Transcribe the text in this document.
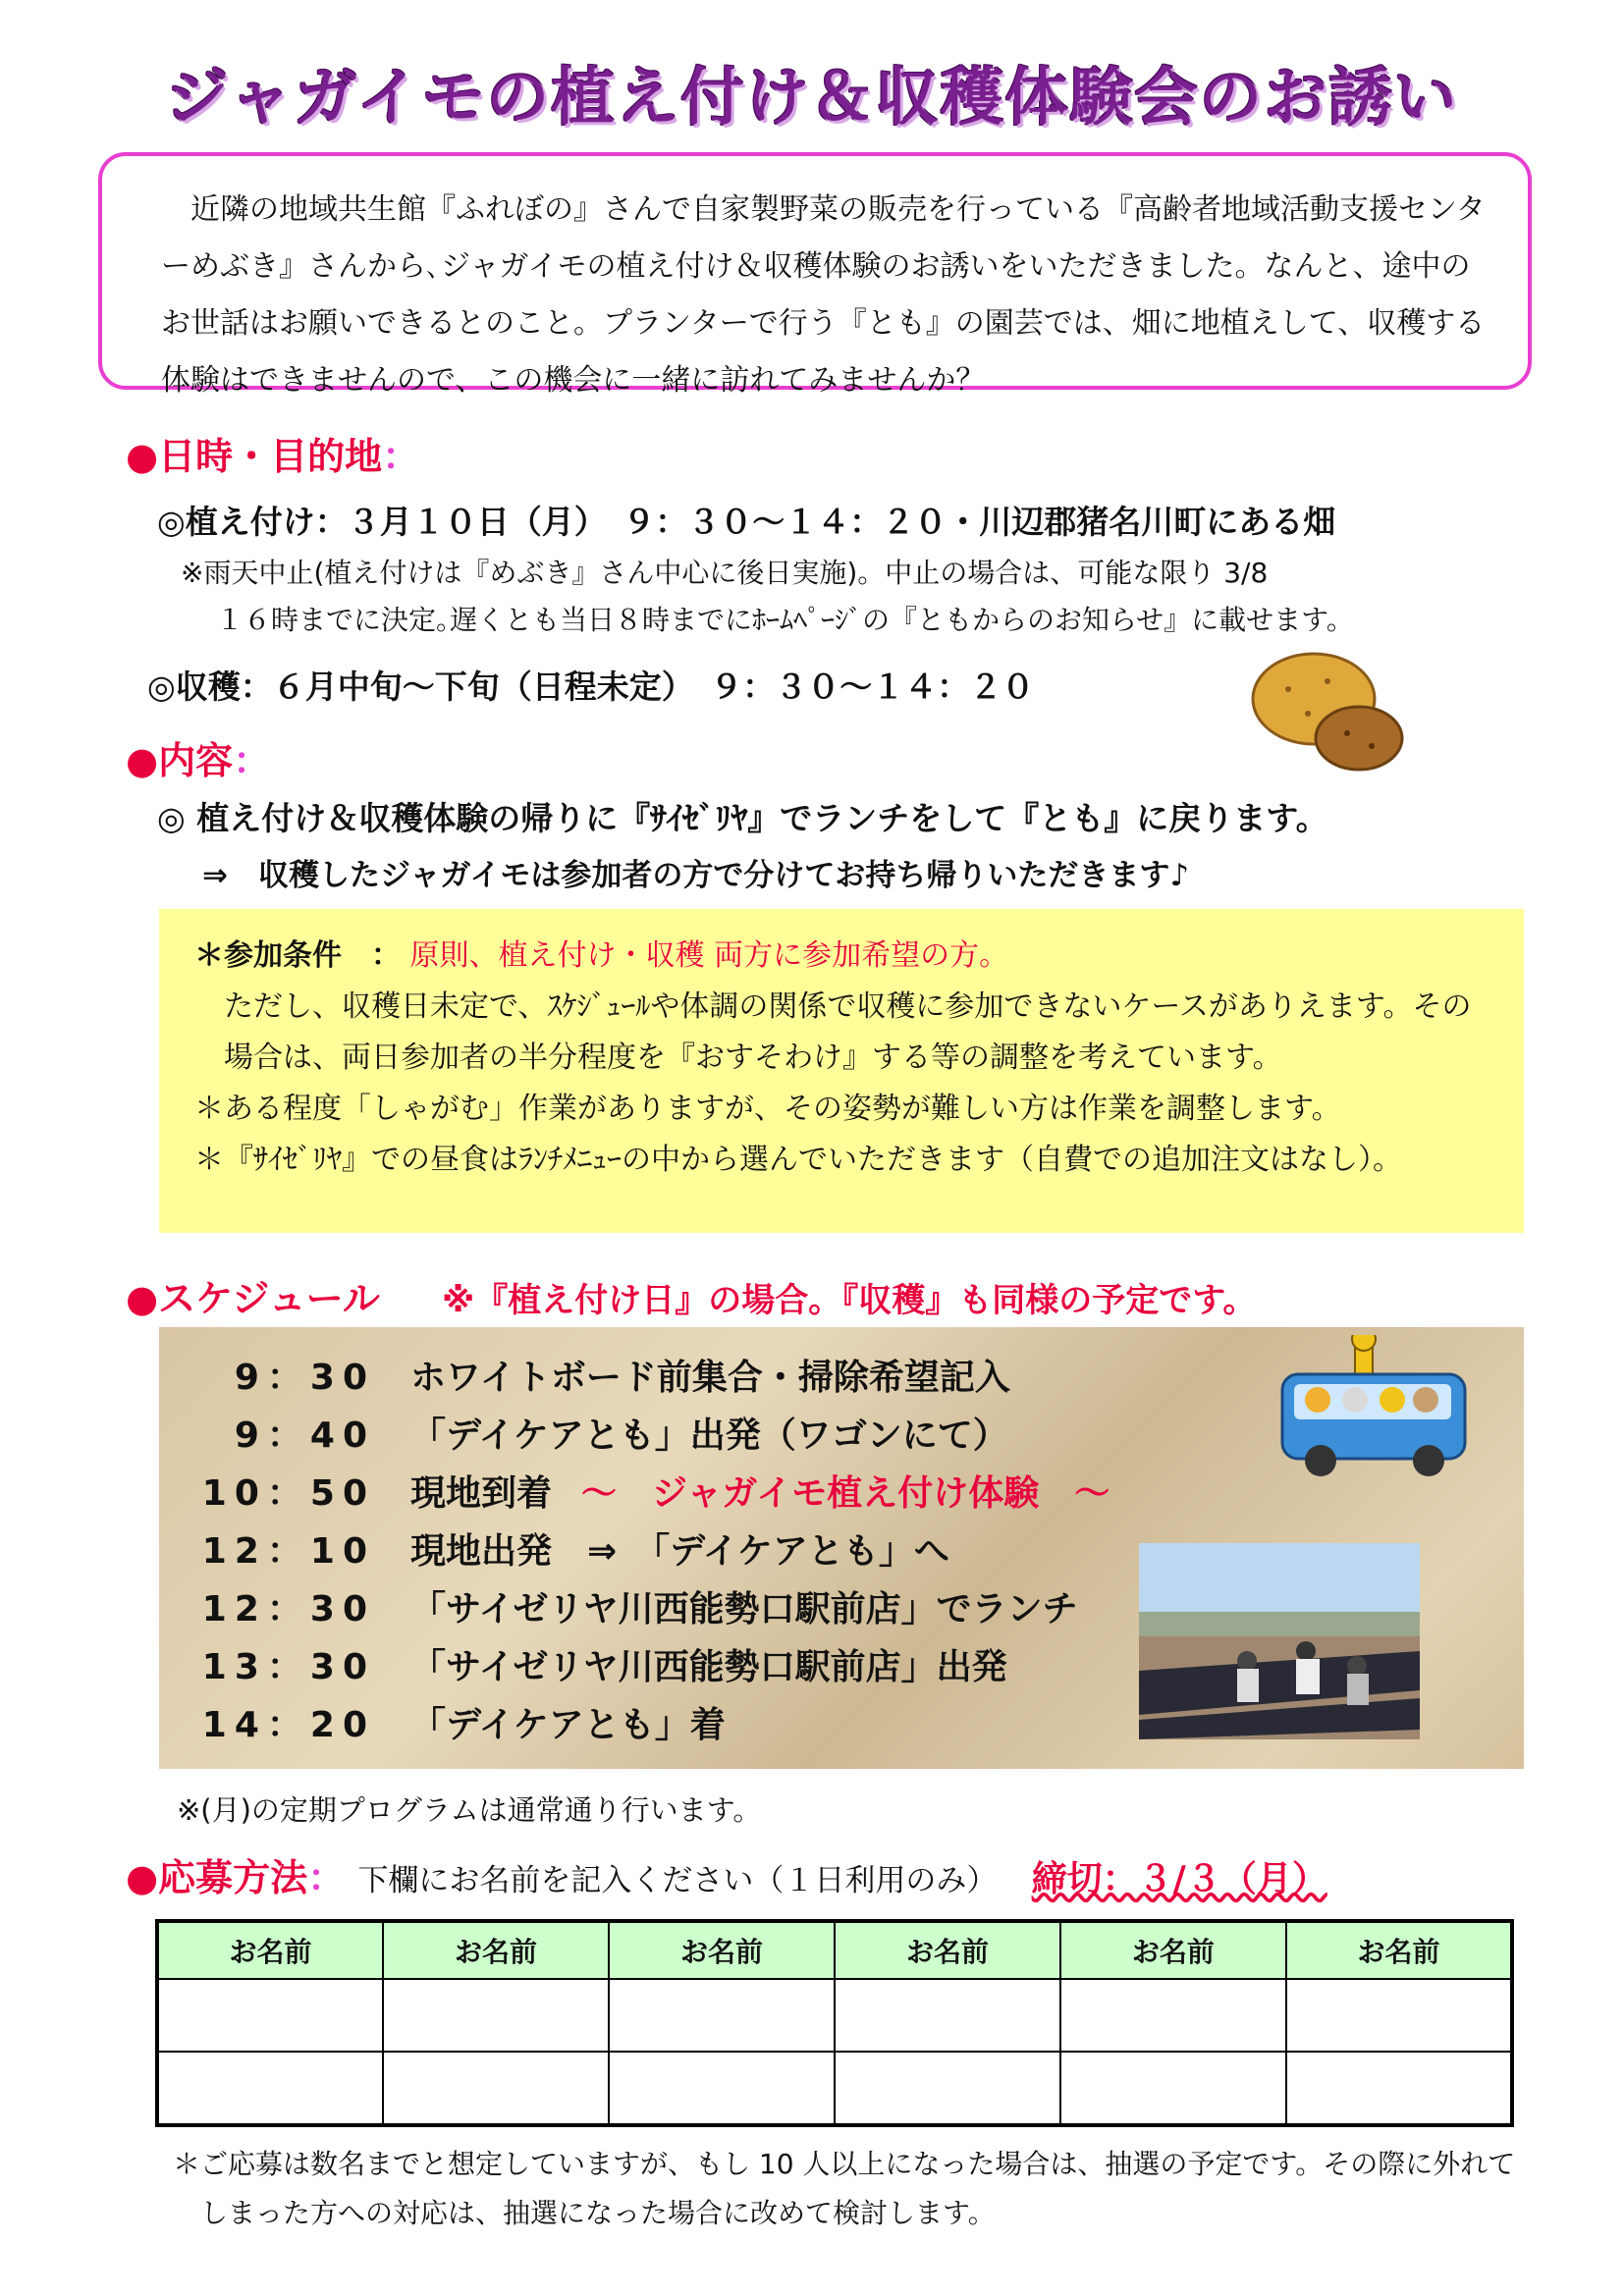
ジャガイモの植え付け＆収穫体験会のお誘い

近隣の地域共生館『ふれぼの』さんで自家製野菜の販売を行っている『高齢者地域活動支援センターめぶき』さんから､ジャガイモの植え付け＆収穫体験のお誘いをいただきました。なんと、途中のお世話はお願いできるとのこと。プランターで行う『とも』の園芸では、畑に地植えして、収穫する体験はできませんので、この機会に一緒に訪れてみませんか？

●日時・目的地：
◎植え付け：３月１０日（月）　９：３０～１４：２０・川辺郡猪名川町にある畑
※雨天中止(植え付けは『めぶき』さん中心に後日実施)。中止の場合は、可能な限り 3/8
１６時までに決定｡遅くとも当日８時までにﾎｰﾑﾍﾟｰｼﾞの『ともからのお知らせ』に載せます。
◎収穫：６月中旬～下旬（日程未定）　９：３０～１４：２０
●内容：
◎ 植え付け＆収穫体験の帰りに『ｻｲｾﾞﾘﾔ』でランチをして『とも』に戻ります。
⇒　収穫したジャガイモは参加者の方で分けてお持ち帰りいただきます♪
＊参加条件　： 原則、植え付け・収穫 両方に参加希望の方。
ただし、収穫日未定で、ｽｹｼﾞｭｰﾙや体調の関係で収穫に参加できないケースがありえます。その場合は、両日参加者の半分程度を『おすそわけ』する等の調整を考えています。
＊ある程度「しゃがむ」作業がありますが、その姿勢が難しい方は作業を調整します。
＊『ｻｲｾﾞﾘﾔ』での昼食はﾗﾝﾁﾒﾆｭｰの中から選んでいただきます（自費での追加注文はなし）。
●スケジュール ※『植え付け日』の場合。『収穫』も同様の予定です。
9：30 ホワイトボード前集合・掃除希望記入
9：40 「デイケアとも」出発（ワゴンにて）
10：50 現地到着 ～　ジャガイモ植え付け体験　～
12：10 現地出発　⇒　「デイケアとも」へ
12：30 「サイゼリヤ川西能勢口駅前店」でランチ
13：30 「サイゼリヤ川西能勢口駅前店」出発
14：20 「デイケアとも」着
※(月)の定期プログラムは通常通り行います。
●応募方法： 下欄にお名前を記入ください（１日利用のみ） 締切：３/３（月）
お名前	お名前	お名前	お名前	お名前	お名前

＊ご応募は数名までと想定していますが、もし 10 人以上になった場合は、抽選の予定です。その際に外れてしまった方への対応は、抽選になった場合に改めて検討します。
